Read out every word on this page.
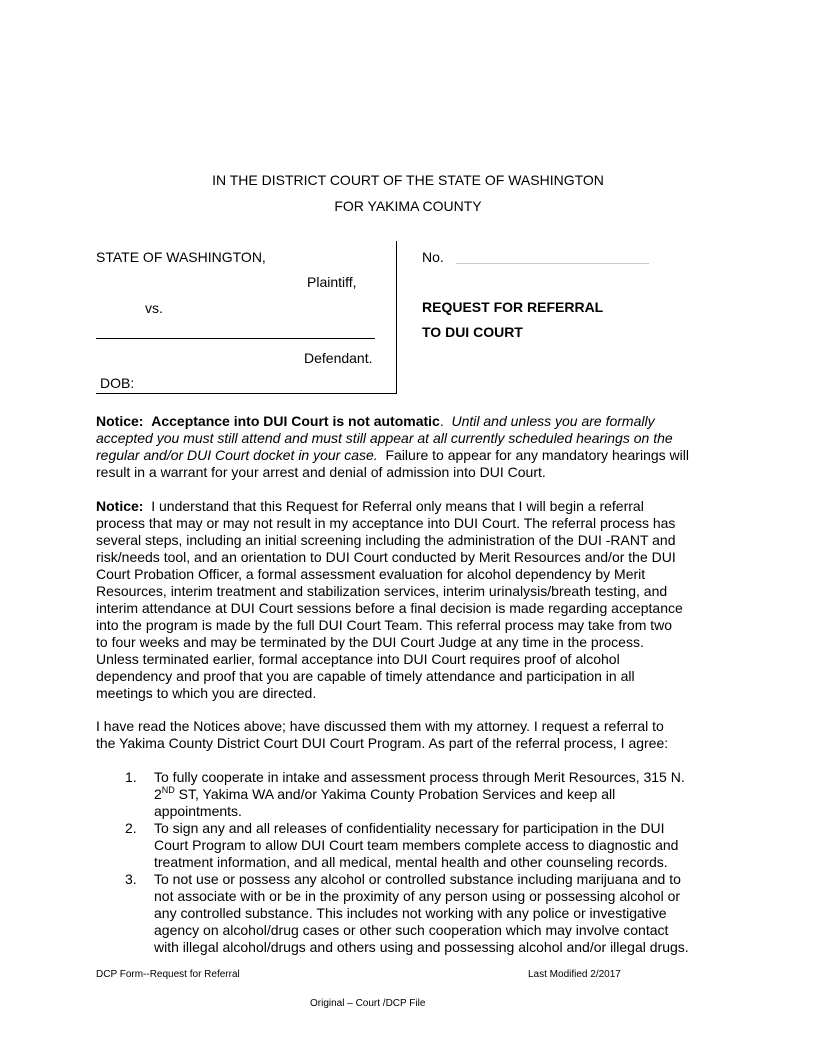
IN THE DISTRICT COURT OF THE STATE OF WASHINGTON
FOR YAKIMA COUNTY
STATE OF WASHINGTON,
Plaintiff,
vs.
Defendant.
DOB:
No.
REQUEST FOR REFERRAL
TO DUI COURT
Notice: Acceptance into DUI Court is not automatic. Until and unless you are formally
accepted you must still attend and must still appear at all currently scheduled hearings on the
regular and/or DUI Court docket in your case. Failure to appear for any mandatory hearings will
result in a warrant for your arrest and denial of admission into DUI Court.
Notice: I understand that this Request for Referral only means that I will begin a referral
process that may or may not result in my acceptance into DUI Court. The referral process has
several steps, including an initial screening including the administration of the DUI -RANT and
risk/needs tool, and an orientation to DUI Court conducted by Merit Resources and/or the DUI
Court Probation Officer, a formal assessment evaluation for alcohol dependency by Merit
Resources, interim treatment and stabilization services, interim urinalysis/breath testing, and
interim attendance at DUI Court sessions before a final decision is made regarding acceptance
into the program is made by the full DUI Court Team. This referral process may take from two
to four weeks and may be terminated by the DUI Court Judge at any time in the process.
Unless terminated earlier, formal acceptance into DUI Court requires proof of alcohol
dependency and proof that you are capable of timely attendance and participation in all
meetings to which you are directed.
I have read the Notices above; have discussed them with my attorney. I request a referral to
the Yakima County District Court DUI Court Program. As part of the referral process, I agree:
1. To fully cooperate in intake and assessment process through Merit Resources, 315 N.
2ND ST, Yakima WA and/or Yakima County Probation Services and keep all
appointments.
2. To sign any and all releases of confidentiality necessary for participation in the DUI
Court Program to allow DUI Court team members complete access to diagnostic and
treatment information, and all medical, mental health and other counseling records.
3. To not use or possess any alcohol or controlled substance including marijuana and to
not associate with or be in the proximity of any person using or possessing alcohol or
any controlled substance. This includes not working with any police or investigative
agency on alcohol/drug cases or other such cooperation which may involve contact
with illegal alcohol/drugs and others using and possessing alcohol and/or illegal drugs.
DCP Form--Request for Referral	Last Modified 2/2017
Original – Court /DCP File
